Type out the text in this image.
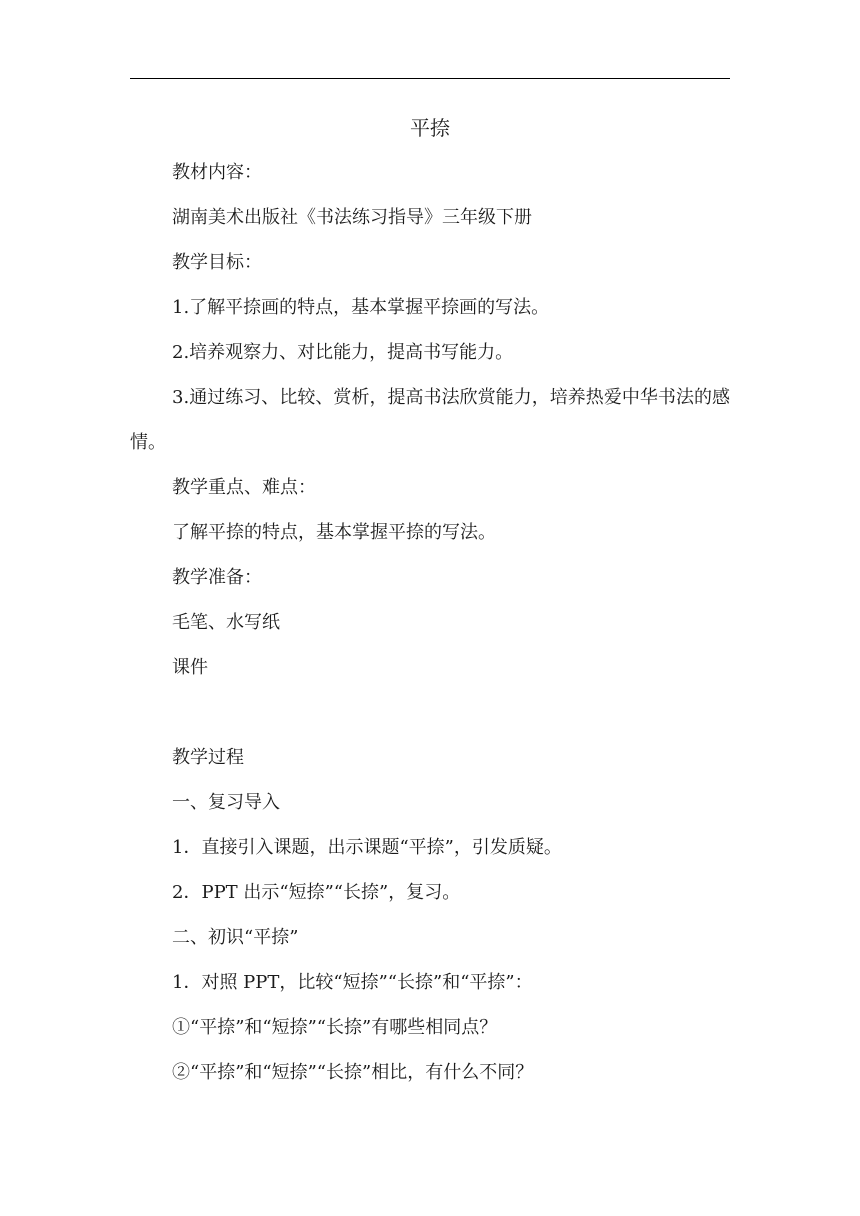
平捺
教材内容：
湖南美术出版社《书法练习指导》三年级下册
教学目标：
1.了解平捺画的特点，基本掌握平捺画的写法。
2.培养观察力、对比能力，提高书写能力。
3.通过练习、比较、赏析，提高书法欣赏能力，培养热爱中华书法的感情。
教学重点、难点：
了解平捺的特点，基本掌握平捺的写法。
教学准备：
毛笔、水写纸
课件
教学过程
一、复习导入
1．直接引入课题，出示课题“平捺”，引发质疑。
2．PPT 出示“短捺”“长捺”，复习。
二、初识“平捺”
1．对照 PPT，比较“短捺”“长捺”和“平捺”：
①“平捺”和“短捺”“长捺”有哪些相同点？
②“平捺”和“短捺”“长捺”相比，有什么不同？
